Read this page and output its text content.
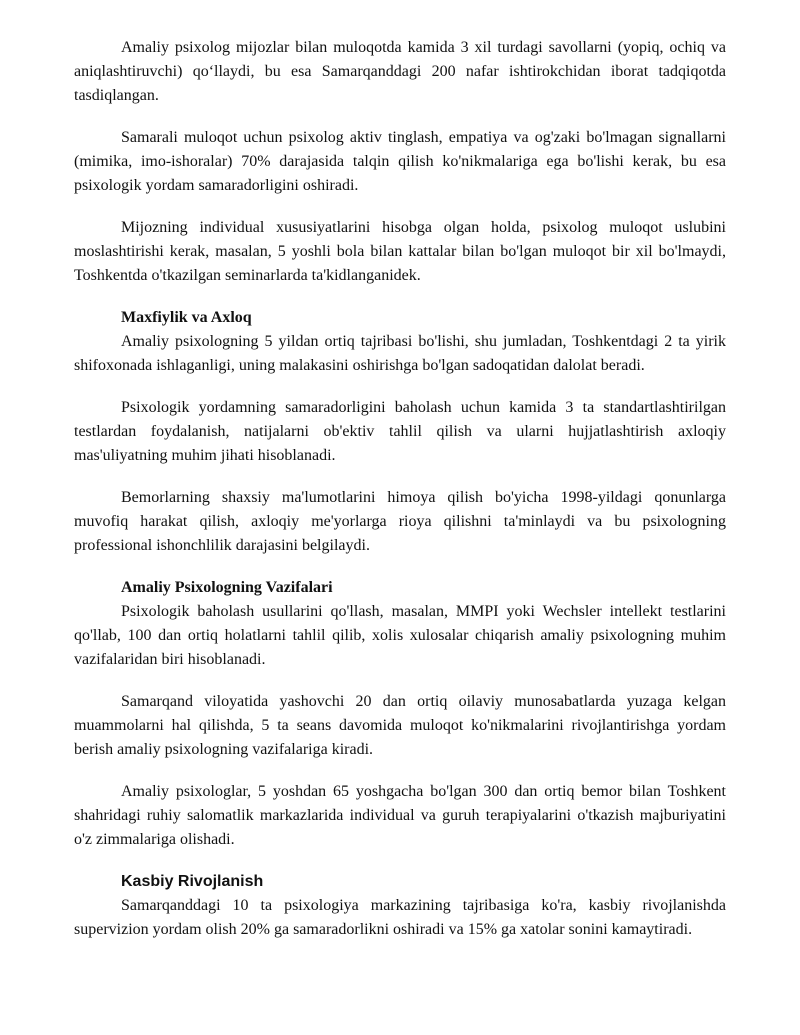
Amaliy psixolog mijozlar bilan muloqotda kamida 3 xil turdagi savollarni (yopiq, ochiq va aniqlashtiruvchi) qo‘llaydi, bu esa Samarqanddagi 200 nafar ishtirokchidan iborat tadqiqotda tasdiqlangan.

Samarali muloqot uchun psixolog aktiv tinglash, empatiya va og'zaki bo'lmagan signallarni (mimika, imo-ishoralar) 70% darajasida talqin qilish ko'nikmalariga ega bo'lishi kerak, bu esa psixologik yordam samaradorligini oshiradi.

Mijozning individual xususiyatlarini hisobga olgan holda, psixolog muloqot uslubini moslashtirishi kerak, masalan, 5 yoshli bola bilan kattalar bilan bo'lgan muloqot bir xil bo'lmaydi, Toshkentda o'tkazilgan seminarlarda ta'kidlanganidek.

Maxfiylik va Axloq

Amaliy psixologning 5 yildan ortiq tajribasi bo'lishi, shu jumladan, Toshkentdagi 2 ta yirik shifoxonada ishlaganligi, uning malakasini oshirishga bo'lgan sadoqatidan dalolat beradi.

Psixologik yordamning samaradorligini baholash uchun kamida 3 ta standartlashtirilgan testlardan foydalanish, natijalarni ob'ektiv tahlil qilish va ularni hujjatlashtirish axloqiy mas'uliyatning muhim jihati hisoblanadi.

Bemorlarning shaxsiy ma'lumotlarini himoya qilish bo'yicha 1998-yildagi qonunlarga muvofiq harakat qilish, axloqiy me'yorlarga rioya qilishni ta'minlaydi va bu psixologning professional ishonchlilik darajasini belgilaydi.

Amaliy Psixologning Vazifalari

Psixologik baholash usullarini qo'llash, masalan, MMPI yoki Wechsler intellekt testlarini qo'llab, 100 dan ortiq holatlarni tahlil qilib, xolis xulosalar chiqarish amaliy psixologning muhim vazifalaridan biri hisoblanadi.

Samarqand viloyatida yashovchi 20 dan ortiq oilaviy munosabatlarda yuzaga kelgan muammolarni hal qilishda, 5 ta seans davomida muloqot ko'nikmalarini rivojlantirishga yordam berish amaliy psixologning vazifalariga kiradi.

Amaliy psixologlar, 5 yoshdan 65 yoshgacha bo'lgan 300 dan ortiq bemor bilan Toshkent shahridagi ruhiy salomatlik markazlarida individual va guruh terapiyalarini o'tkazish majburiyatini o'z zimmalariga olishadi.

Kasbiy Rivojlanish

Samarqanddagi 10 ta psixologiya markazining tajribasiga ko'ra, kasbiy rivojlanishda supervizion yordam olish 20% ga samaradorlikni oshiradi va 15% ga xatolar sonini kamaytiradi.
